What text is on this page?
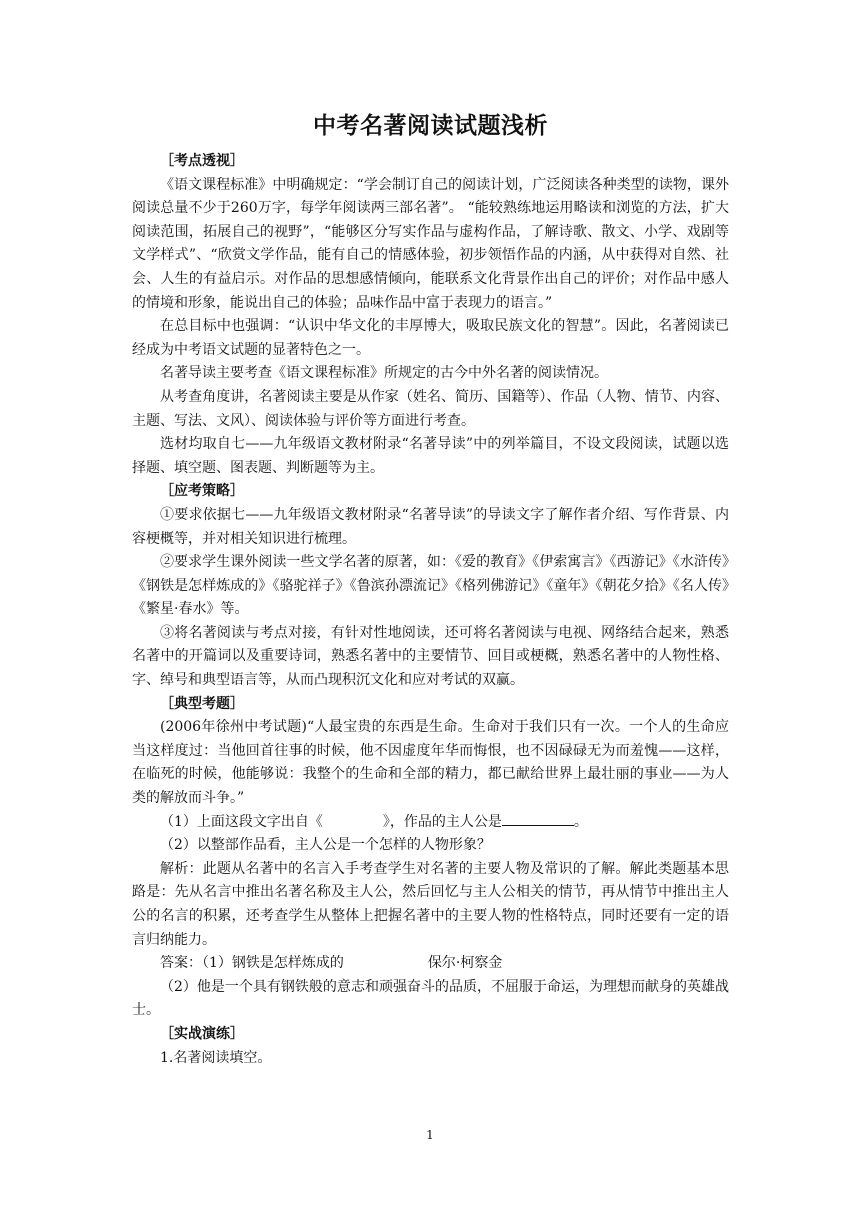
中考名著阅读试题浅析

［考点透视］

《语文课程标准》中明确规定：“学会制订自己的阅读计划，广泛阅读各种类型的读物，课外阅读总量不少于260万字，每学年阅读两三部名著”。 “能较熟练地运用略读和浏览的方法，扩大阅读范围，拓展自己的视野”，“能够区分写实作品与虚构作品，了解诗歌、散文、小学、戏剧等文学样式”、“欣赏文学作品，能有自己的情感体验，初步领悟作品的内涵，从中获得对自然、社会、人生的有益启示。对作品的思想感情倾向，能联系文化背景作出自己的评价；对作品中感人的情境和形象，能说出自己的体验；品味作品中富于表现力的语言。”

在总目标中也强调：“认识中华文化的丰厚博大，吸取民族文化的智慧”。因此，名著阅读已经成为中考语文试题的显著特色之一。

名著导读主要考查《语文课程标准》所规定的古今中外名著的阅读情况。

从考查角度讲，名著阅读主要是从作家（姓名、简历、国籍等）、作品（人物、情节、内容、主题、写法、文风）、阅读体验与评价等方面进行考查。

选材均取自七——九年级语文教材附录“名著导读”中的列举篇目，不设文段阅读，试题以选择题、填空题、图表题、判断题等为主。

［应考策略］

①要求依据七——九年级语文教材附录“名著导读”的导读文字了解作者介绍、写作背景、内容梗概等，并对相关知识进行梳理。

②要求学生课外阅读一些文学名著的原著，如：《爱的教育》《伊索寓言》《西游记》《水浒传》《钢铁是怎样炼成的》《骆驼祥子》《鲁滨孙漂流记》《格列佛游记》《童年》《朝花夕拾》《名人传》《繁星·春水》等。

③将名著阅读与考点对接，有针对性地阅读，还可将名著阅读与电视、网络结合起来，熟悉名著中的开篇词以及重要诗词，熟悉名著中的主要情节、回目或梗概，熟悉名著中的人物性格、字、绰号和典型语言等，从而凸现积沉文化和应对考试的双赢。

［典型考题］

(2006年徐州中考试题)“人最宝贵的东西是生命。生命对于我们只有一次。一个人的生命应当这样度过：当他回首往事的时候，他不因虚度年华而悔恨，也不因碌碌无为而羞愧——这样，在临死的时候，他能够说：我整个的生命和全部的精力，都已献给世界上最壮丽的事业——为人类的解放而斗争。”

（1）上面这段文字出自《	》，作品的主人公是	。

（2）以整部作品看，主人公是一个怎样的人物形象？

解析：此题从名著中的名言入手考查学生对名著的主要人物及常识的了解。解此类题基本思路是：先从名言中推出名著名称及主人公，然后回忆与主人公相关的情节，再从情节中推出主人公的名言的积累，还考查学生从整体上把握名著中的主要人物的性格特点，同时还要有一定的语言归纳能力。

答案：（1）钢铁是怎样炼成的	保尔·柯察金

（2）他是一个具有钢铁般的意志和顽强奋斗的品质，不屈服于命运，为理想而献身的英雄战士。

［实战演练］

1.名著阅读填空。

1
